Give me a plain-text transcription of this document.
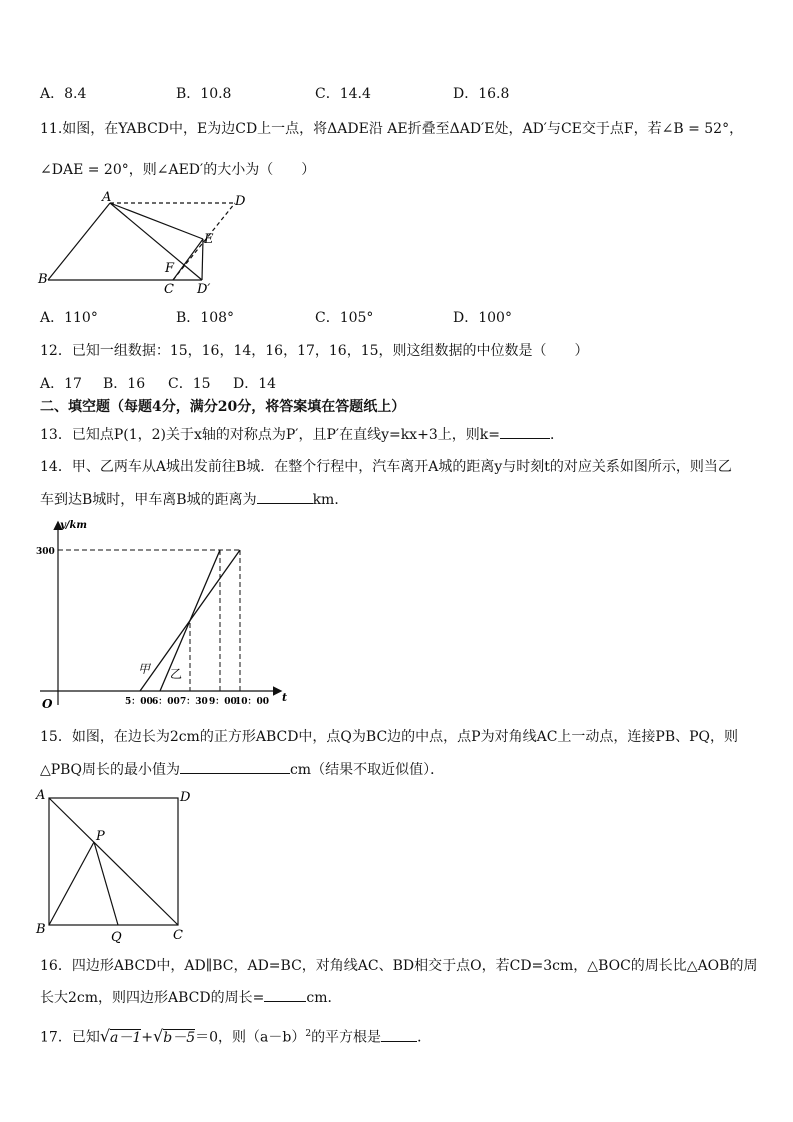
A．8.4	B．10.8	C．14.4	D．16.8
11.如图，在YABCD中，E为边CD上一点，将ΔADE沿 AE折叠至ΔAD′E处，AD′与CE交于点F，若∠B = 52°，
∠DAE = 20°，则∠AED′的大小为（　　）
A	D
E
F
B
C D′
A．110°	B．108°	C．105°	D．100°
12．已知一组数据：15，16，14，16，17，16，15，则这组数据的中位数是（　　）
A．17 B．16 C．15 D．14
二、填空题（每题4分，满分20分，将答案填在答题纸上）
13．已知点P(1，2)关于x轴的对称点为P′，且P′在直线y=kx+3上，则k=	．
14．甲、乙两车从A城出发前往B城．在整个行程中，汽车离开A城的距离y与时刻t的对应关系如图所示，则当乙
车到达B城时，甲车离B城的距离为	km．
y/km
t
O
300
5：00 6：00 7：30 9：00
10：00
甲 乙
15．如图，在边长为2cm的正方形ABCD中，点Q为BC边的中点，点P为对角线AC上一动点，连接PB、PQ，则
△PBQ周长的最小值为	cm（结果不取近似值）．
A	D
P
B
Q	C
16．四边形ABCD中，AD∥BC，AD=BC，对角线AC、BD相交于点O，若CD=3cm，△BOC的周长比△AOB的周
长大2cm，则四边形ABCD的周长=	cm．
17．已知√a－1+√b－5＝0，则$(a-b)^2$的平方根是	．
